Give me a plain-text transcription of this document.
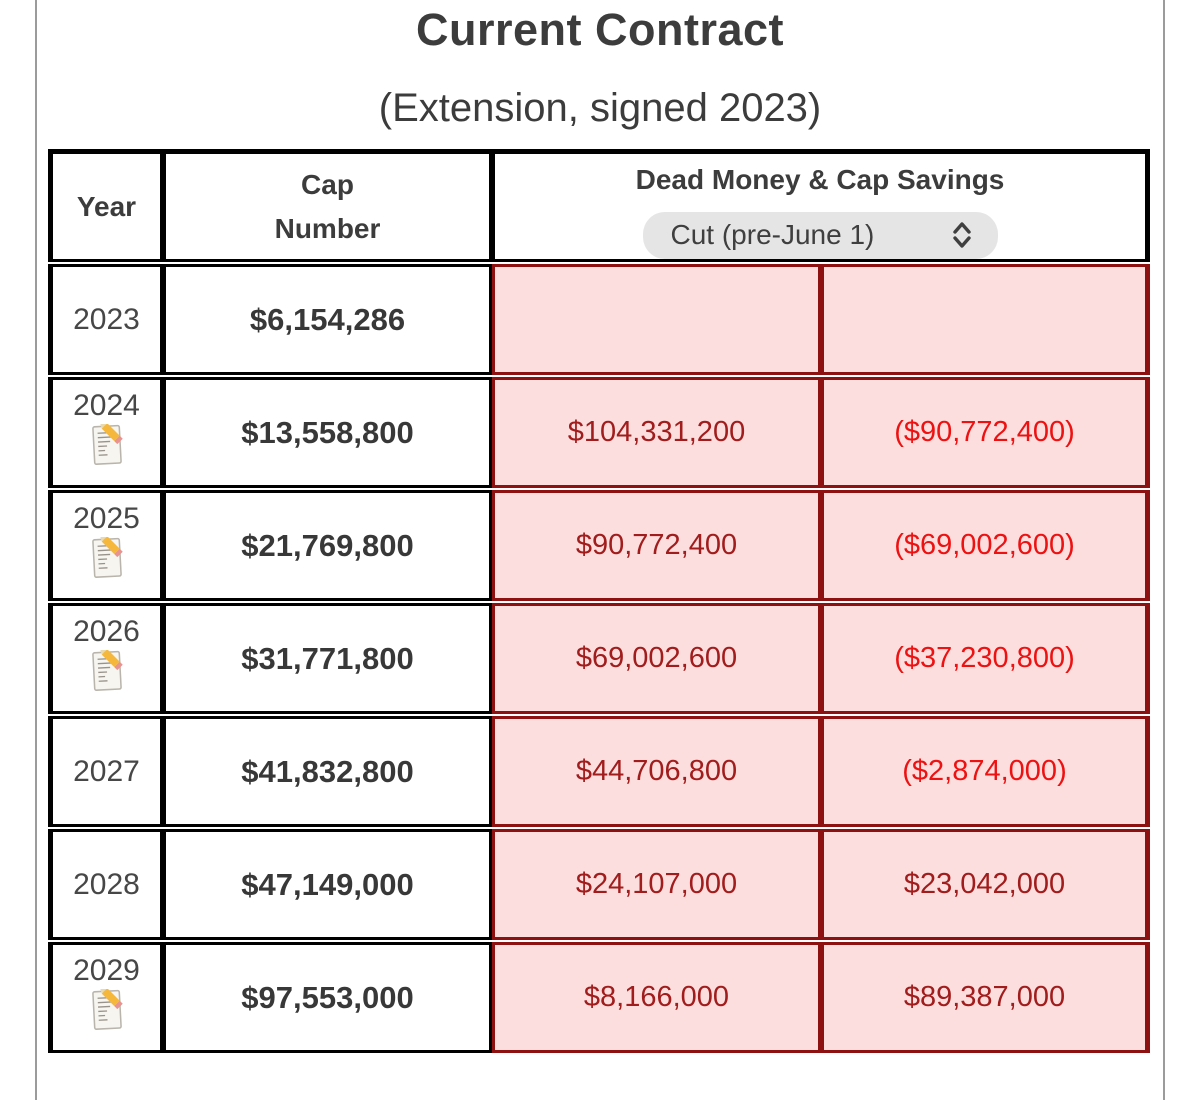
Current Contract
(Extension, signed 2023)
Year	Cap Number	Dead Money & Cap Savings
Cut (pre-June 1)	

2023	$6,154,286		

2024	$13,558,800	$104,331,200	($90,772,400)

2025	$21,769,800	$90,772,400	($69,002,600)

2026	$31,771,800	$69,002,600	($37,230,800)
2027	$41,832,800	$44,706,800	($2,874,000)
2028	$47,149,000	$24,107,000	$23,042,000

2029	$97,553,000	$8,166,000	$89,387,000
